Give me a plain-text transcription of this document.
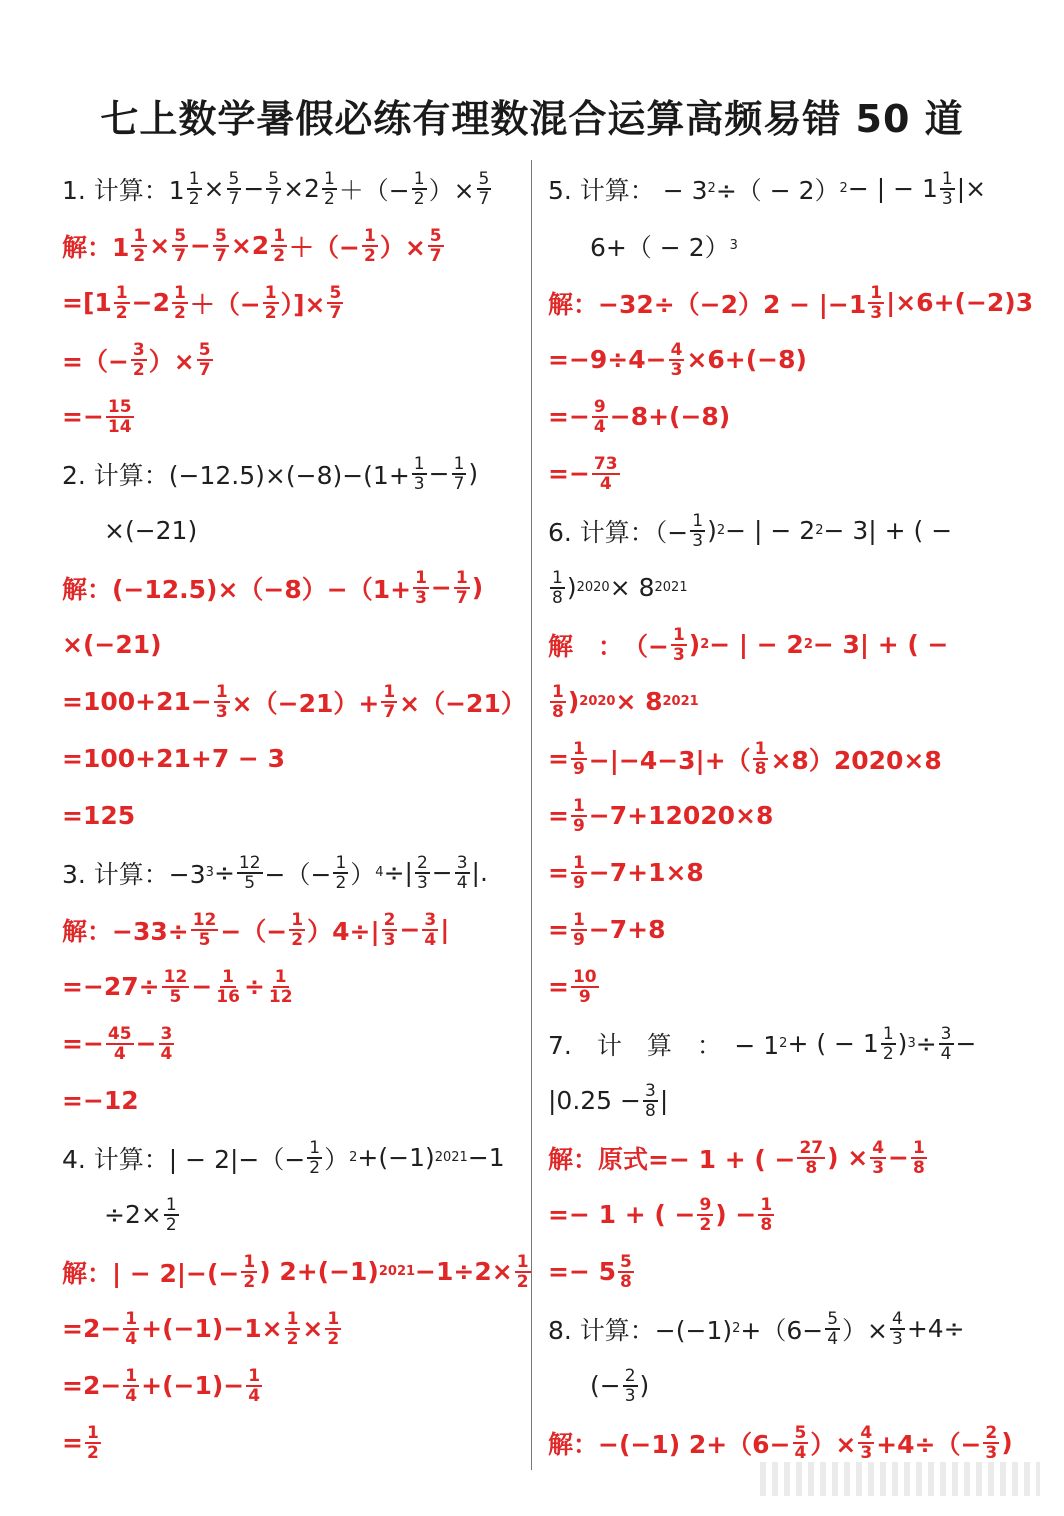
七上数学暑假必练有理数混合运算高频易错 50 道
1. 计算：$1 \frac{1}{2} \times \frac{5}{7} - \frac{5}{7} \times 2 \frac{1}{2}$ ＋（− $\frac{1}{2}$ ）× $\frac{5}{7}$
解：$1 \frac{1}{2} \times \frac{5}{7} - \frac{5}{7} \times 2 \frac{1}{2}$ ＋（− $\frac{1}{2}$ ）× $\frac{5}{7}$
$=[1 \frac{1}{2} -2 \frac{1}{2}$ ＋（− $\frac{1}{2}$ ）]× $\frac{5}{7}$
=（− $\frac{3}{2}$ ）× $\frac{5}{7}$
=− $\frac{15}{14}$
2. 计算：$(-12.5)\times(-8)-(1+ \frac{1}{3} - \frac{1}{7}$ )
×(−21)
解：$(-12.5)\times(-8)-(1+ \frac{1}{3} - \frac{1}{7}$ )
×(−21)
$=100+21- \frac{1}{3} \times(-21)+ \frac{1}{7} \times(-21)$
=100+21+7 − 3
=125
3. 计算：−3 $3 \div \frac{12}{5}$ −（− $\frac{1}{2}$ ） 4 ÷| $\frac{2}{3} - \frac{3}{4}$ |.
解：$-33\div \frac{12}{5}$ −（− $\frac{1}{2} )4\div| \frac{2}{3} - \frac{3}{4}$ |
$=-27\div \frac{12}{5} - \frac{1}{16} \div \frac{1}{12}$
=− $\frac{45}{4} - \frac{3}{4}$
=−12
4. 计算：| − $2|-(- \frac{1}{2}$ ） 2 +(−1) 2021 −1
$\div 2\times \frac{1}{2}$
解：| − $2|-(- \frac{1}{2}$ ) 2+(−1) $2021 -1\div 2\times \frac{1}{2}$
$=2- \frac{1}{4} +(-1)-1\times \frac{1}{2} \times \frac{1}{2}$
$=2- \frac{1}{4} +(-1)- \frac{1}{4}$
= $\frac{1}{2}$
5. 计算： − 3 2 ÷（ − 2） 2 − | − $1 \frac{1}{3}$ |×
6+（ − 2） 3
解：$-32\div(-2)2 - |-1 \frac{1}{3} |\times 6+(-2)3$
$=-9\div 4- \frac{4}{3} \times 6+(-8)$
=− $\frac{9}{4} -8+(-8)$
=− $\frac{73}{4}$
6. 计算：（− $\frac{1}{3}$ ) 2 − | − 2 2 − 3| + ( −
$\frac{1}{8}$ ) 2020 × 8 2021
解　：　（− $\frac{1}{3}$ ) 2 − | − 2 2 − 3| + ( −
$\frac{1}{8}$ ) 2020 × 8 2021
= $\frac{1}{9} -|-4-3|+( \frac{1}{8} \times 8)2020\times 8$
= $\frac{1}{9} -7+12020\times 8$
= $\frac{1}{9} -7+1\times 8$
= $\frac{1}{9} -7+8$
= $\frac{10}{9}$
7.　计　算　：　− 1 2 + ( − $1 \frac{1}{2}$ ) $3 \div \frac{3}{4}$ −
$|0.25 - \frac{3}{8}$ |
解：原式=− 1 + ( − $\frac{27}{8}$ ) × $\frac{4}{3} - \frac{1}{8}$
=− 1 + ( − $\frac{9}{2}$ ) − $\frac{1}{8}$
=− $5 \frac{5}{8}$
8. 计算：−(−1) $2 +(6- \frac{5}{4}$ ）× $\frac{4}{3} +4\div$
(− $\frac{2}{3}$ )
解：−(−1) $2+(6- \frac{5}{4}$ ）× $\frac{4}{3} +4\div(- \frac{2}{3}$ )
